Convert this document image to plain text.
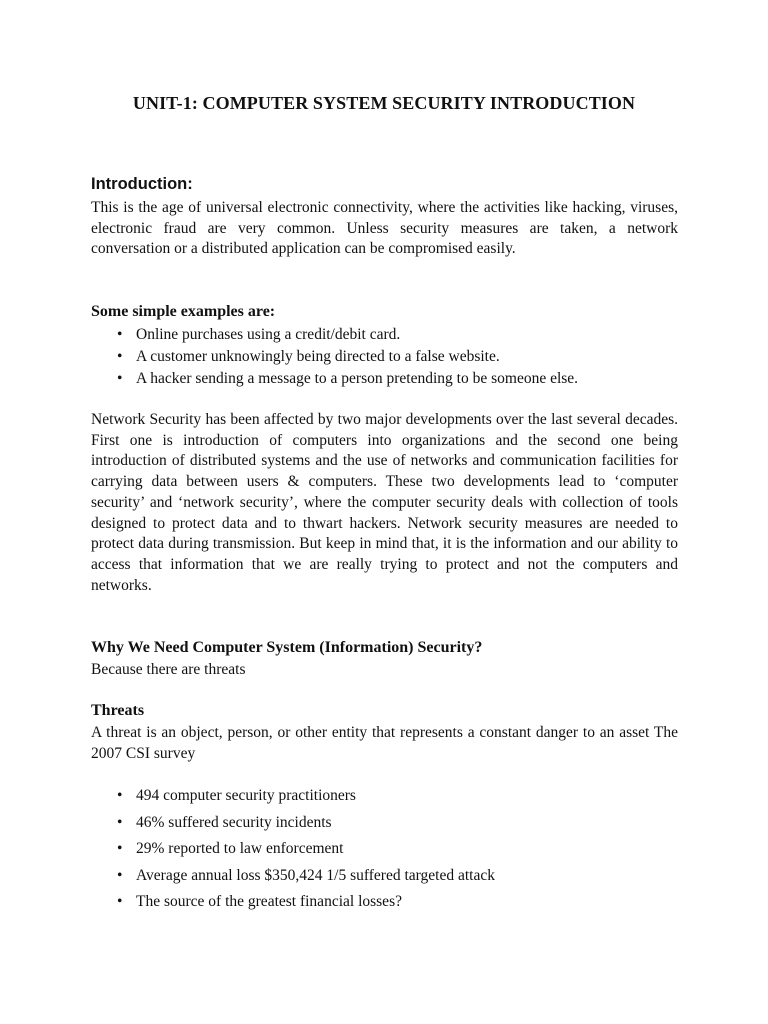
UNIT-1: COMPUTER SYSTEM SECURITY INTRODUCTION
Introduction:

This is the age of universal electronic connectivity, where the activities like hacking, viruses, electronic fraud are very common. Unless security measures are taken, a network conversation or a distributed application can be compromised easily.

Some simple examples are:

• Online purchases using a credit/debit card.
• A customer unknowingly being directed to a false website.
• A hacker sending a message to a person pretending to be someone else.

Network Security has been affected by two major developments over the last several decades. First one is introduction of computers into organizations and the second one being introduction of distributed systems and the use of networks and communication facilities for carrying data between users & computers. These two developments lead to ‘computer security’ and ‘network security’, where the computer security deals with collection of tools designed to protect data and to thwart hackers. Network security measures are needed to protect data during transmission. But keep in mind that, it is the information and our ability to access that information that we are really trying to protect and not the computers and networks.

Why We Need Computer System (Information) Security?

Because there are threats

Threats

A threat is an object, person, or other entity that represents a constant danger to an asset The 2007 CSI survey

• 494 computer security practitioners
• 46% suffered security incidents
• 29% reported to law enforcement
• Average annual loss $350,424 1/5 suffered targeted attack
• The source of the greatest financial losses?
